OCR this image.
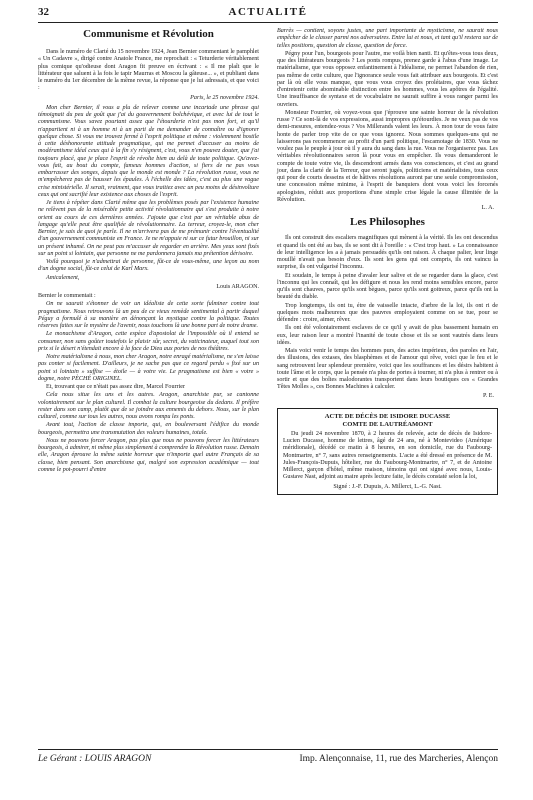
32	ACTUALITÉ
Communisme et Révolution

Dans le numéro de Clarté du 15 novembre 1924, Jean Bernier commentant le pamphlet « Un Cadavre », dirigé contre Anatole France, me reprochait : « Teturderie véritablement plus comique qu'odieuse dont Aragon fit preuve en écrivant : « Il me plaît que le littérateur que saluent à la fois le tapir Maurras et Moscou la gâteuse... », et publiant dans le numéro du 1er décembre de la même revue, la réponse que je lui adressais, et que voici :

Paris, le 25 novembre 1924.

Mon cher Bernier, il vous a plu de relever comme une incartade une phrase qui témoignait du peu de goût que j'ai du gouvernement bolchévique, et avec lui de tout le communisme. Vous savez pourtant assez que l'étourderie n'est pas mon fort, et qu'il n'appartient ni à un homme ni à un parti de me demander de connaître ou d'ignorer quelque chose. Si vous me trouvez fermé à l'esprit politique et même : violemment hostile à cette déshonorante attitude pragmatique, qui me permet d'accuser au moins de modérantisme idéal ceux qui à la fin s'y résignent, c'est, vous n'en pouvez douter, que j'ai toujours placé, que je place l'esprit de révolte bien au delà de toute politique. Qu'avez-vous fait, au bout du compte, fameux hommes d'action, si fiers de ne pas vous embarrasser des songes, depuis que le monde est monde ? La révolution russe, vous ne m'empêcherez pas de hausser les épaules. À l'échelle des idées, c'est au plus une vague crise ministérielle. Il serait, vraiment, que vous traitiez avec un peu moins de désinvolture ceux qui ont sacrifié leur existence aux choses de l'esprit.

Je tiens à répéter dans Clarté même que les problèmes posés par l'existence humaine ne relèvent pas de la misérable petite activité révolutionnaire qui s'est produite à notre orient au cours de ces dernières années. J'ajoute que c'est par un véritable abus de langage qu'elle peut être qualifiée de révolutionnaire. La terreur, croyez-le, mon cher Bernier, je sais de quoi je parle. Il ne m'arrivera pas de me prémunir contre l'éventualité d'un gouvernement communiste en France. Je ne m'appuie ni sur ce futur brouillon, ni sur un présent inhumé. On ne peut pas m'accuser de regarder en arrière. Mes yeux sont fixés sur un point si lointain, que personne ne me pardonnera jamais ma prétention dérisoire.

Voilà pourquoi je n'admettrai de personne, fût-ce de vous-même, une leçon au nom d'un dogme social, fût-ce celui de Karl Marx.

Amicalement,

Louis ARAGON.

Bernier le commentait :

On ne saurait s'étonner de voir un idéaliste de cette sorte fulminer contre tout pragmatisme. Nous retrouvons là un peu de ce vieux remède sentimental à partir duquel Péguy a formulé à sa manière en dénonçant la mystique contre la politique. Toutes réserves faites sur le mystère de l'avenir, nous touchons là une bonne part de notre drame.

Le monachisme d'Aragon, cette espèce d'apostolat de l'impossible où il entend se consumer, non sans goûter toutefois le plaisir sûr, secret, du vaticinateur, auquel tout son prix si le désert n'étendait encore à la face de Dieu aux portes de nos théâtres.

Notre matérialisme à nous, mon cher Aragon, notre enragé matérialisme, ne s'en laisse pas conter si facilement. D'ailleurs, je ne sache pas que ce regard perdu « fixé sur un point si lointain » suffise — étoile — à votre vie. Le pragmatisme est bien « votre » dogme, notre PÈCHÉ ORIGINEL.

Et, trouvant que ce n'était pas assez dire, Marcel Fourrier

Cela nous situe les uns et les autres. Aragon, anarchiste pur, se cantonne volontairement sur le plan culturel. Il combat la culture bourgeoise du dedans. Il préfère rester dans son camp, plutôt que de se joindre aux ennemis du dehors. Nous, sur le plan culturel, comme sur tous les autres, nous avons rompu les ponts.

Avant tout, l'action de classe importe, qui, en bouleversant l'édifice du monde bourgeois, permettra une transmutation des valeurs humaines, totale.

Nous ne pouvons forcer Aragon, pas plus que nous ne pouvons forcer les littérateurs bourgeois, à admirer, ni même plus simplement à comprendre la Révolution russe. Demain elle, Aragon éprouve la même sainte horreur que n'importe quel autre Français de sa classe, bien pensant. Son anarchisme qui, malgré son expression académique — tout comme le pot-pourri d'entre

Barrès — contient, soyons justes, une part importante de mysticisme, ne saurait nous empêcher de le classer parmi nos adversaires. Entre lui et nous, et tant qu'il restera sur de telles positions, question de classe, question de force.

Pégny pour l'un, bourgeois pour l'autre, me voilà bien nanti. Et qu'êtes-vous tous deux, que des littérateurs bourgeois ? Les ponts rompus, prenez garde à l'abus d'une image. Le matérialisme, que vous opposez enfantinement à l'idéalisme, ne permet l'abandon de rien, pas même de cette culture, que l'ignorance seule vous fait attribuer aux bourgeois. Et c'est par là où elle vous manque, que vous vous croyez des prolétaires, que vous tâchez d'entretenir cette abominable distinction entre les hommes, vous les apôtres de l'égalité. Une insuffisance de syntaxe et de vocabulaire ne saurait suffire à vous ranger parmi les ouvriers.

Monsieur Fourrier, où voyez-vous que j'éprouve une sainte horreur de la révolution russe ? Ce sont-là de vos expressions, aussi impropres qu'étourdies. Je ne veux pas de vos demi-mesures, entendez-vous ? Vos Millerands valent les leurs. À mon tour de vous faire honte de parler trop vite de ce que vous ignorez. Nous sommes quelques-uns qui ne laisserons pas recommencer au profit d'un parti politique, l'escamotage de 1830. Vous ne voulez pas le peuple à jour où il y aura du sang dans la rue. Vous ne l'organiserez pas. Les véritables révolutionnaires seron là pour vous en empêcher. Ils vous demanderont le compte de toute votre vie, ils descendront armés dans vos consciences, et c'est au grand jour, dans la clarté de la Terreur, que seront jugés, politiciens et matérialistes, tous ceux qui pour de courts desseins et de hâtives résolutions auront par une seule compromission, une concession même minime, à l'esprit de banquiers dont vous voici les forcenés apologistes, réduit aux proportions d'une simple crise légale la cause illimitée de la Révolution.

L. A.
Les Philosophes

Ils ont construit des escaliers magnifiques qui mènent à la vérité. Ils les ont descendus et quand ils ont été au bas, ils se sont dit à l'oreille : « C'est trop haut. » La connaissance de leur intelligence les a à jamais persuadés qu'ils ont raison. À chaque palier, leur linge mouillé n'avait pas besoin d'eux. Ils sont les gens qui ont compris, ils ont vaincu la surprise, ils ont vulgarisé l'inconnu.

Et soudain, le temps à peine d'avaler leur salive et de se regarder dans la glace, c'est l'inconnu qui les connaît, qui les défigure et nous les rend moins sensibles encore, parce qu'ils sont chauves, parce qu'ils sont bègues, parce qu'ils sont goitreux, parce qu'ils ont la beauté du diable.

Trop longtemps, ils ont tu, étre de vaisselle intacte, d'arbre de la loi, ils ont ri de quelques mots malheureux que des pauvres employaient comme on se tue, pour se défendre : croire, aimer, rêver.

Ils ont été volontairement esclaves de ce qu'il y avait de plus bassement humain en eux, leur raison leur a montré l'inanité de toute chose et ils se sont vautrés dans leurs idées.

Mais voici venir le temps des hommes purs, des actes impérieux, des paroles en l'air, des illusions, des extases, des blasphèmes et de l'amour qui rêve, voici que le feu et le sang retrouvent leur splendeur première, voici que les souffrances et les désirs habitent à toute l'âme et le corps, que la pensée n'a plus de portes à tourner, ni n'a plus à rentrer ou à sortir et que des boîtes malodorantes transportent dans leurs boutiques ces « Grandes Têtes Molles », ces Bonnes Machines à calculer.

P. E.
ACTE DE DÉCÈS DE ISIDORE DUCASSE
COMTE DE LAUTRÉAMONT

Du jeudi 24 novembre 1870, à 2 heures de relevée, acte de décès de Isidore-Lucien Ducasse, homme de lettres, âgé de 24 ans, né à Montevideo (Amérique méridionale), décédé ce matin à 8 heures, en son domicile, rue du Faubourg-Montmartre, n° 7, sans autres renseignements. L'acte a été dressé en présence de M. Jules-François-Dupuis, hôtelier, rue du Faubourg-Montmartre, n° 7, et de Antoine Millerct, garçon d'hôtel, même maison, témoins qui ont signé avec nous, Louis-Gustave Nast, adjoint au maire après lecture faite, le décès constaté selon la loi,

Signé : J.-F. Dupuis, A. Millerct, L.-G. Nast.
Le Gérant : LOUIS ARAGON	Imp. Alençonnaise, 11, rue des Marcheries, Alençon
